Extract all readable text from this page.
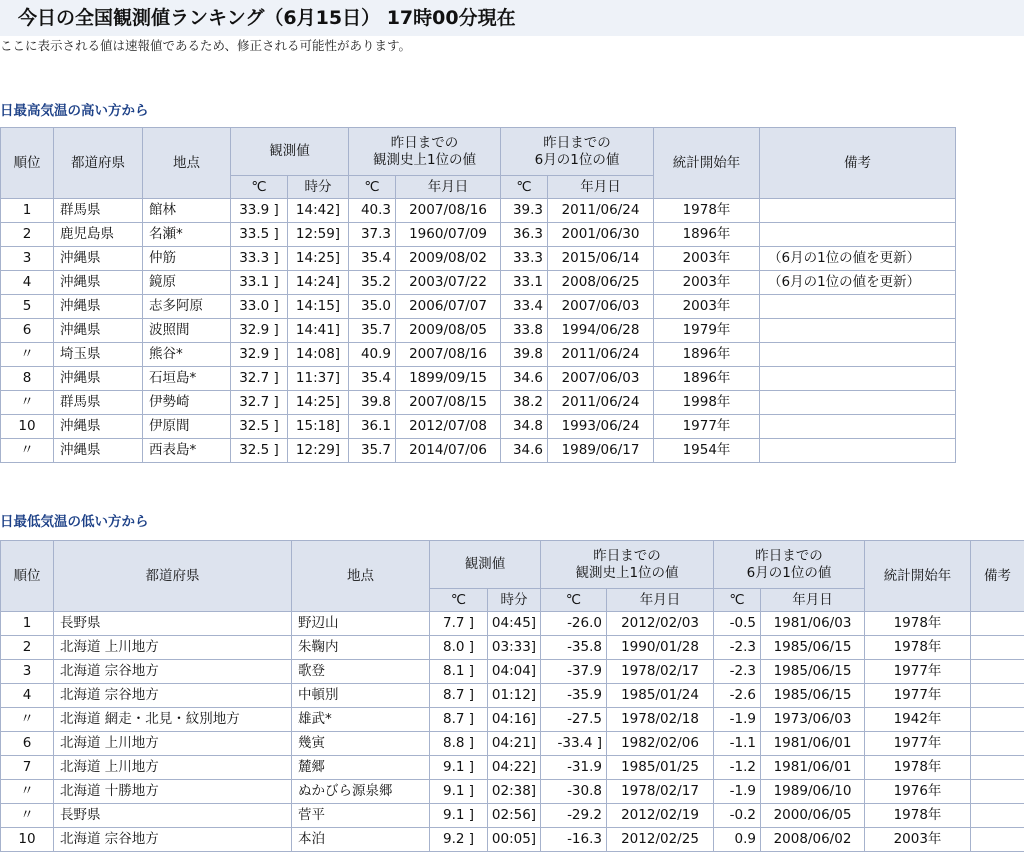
今日の全国観測値ランキング（6月15日） 17時00分現在
ここに表示される値は速報値であるため、修正される可能性があります。
日最高気温の高い方から
順位	都道府県	地点	観測値		昨日までの
観測史上1位の値		昨日までの
6月の1位の値		統計開始年	備考
			℃	時分	℃	年月日	℃	年月日		
1	群馬県	館林	33.9 ]	14:42]	40.3	2007/08/16	39.3	2011/06/24	1978年	
2	鹿児島県	名瀬*	33.5 ]	12:59]	37.3	1960/07/09	36.3	2001/06/30	1896年	
3	沖縄県	仲筋	33.3 ]	14:25]	35.4	2009/08/02	33.3	2015/06/14	2003年	（6月の1位の値を更新）
4	沖縄県	鏡原	33.1 ]	14:24]	35.2	2003/07/22	33.1	2008/06/25	2003年	（6月の1位の値を更新）
5	沖縄県	志多阿原	33.0 ]	14:15]	35.0	2006/07/07	33.4	2007/06/03	2003年	
6	沖縄県	波照間	32.9 ]	14:41]	35.7	2009/08/05	33.8	1994/06/28	1979年	
〃	埼玉県	熊谷*	32.9 ]	14:08]	40.9	2007/08/16	39.8	2011/06/24	1896年	
8	沖縄県	石垣島*	32.7 ]	11:37]	35.4	1899/09/15	34.6	2007/06/03	1896年	
〃	群馬県	伊勢崎	32.7 ]	14:25]	39.8	2007/08/15	38.2	2011/06/24	1998年	
10	沖縄県	伊原間	32.5 ]	15:18]	36.1	2012/07/08	34.8	1993/06/24	1977年	
〃	沖縄県	西表島*	32.5 ]	12:29]	35.7	2014/07/06	34.6	1989/06/17	1954年	
日最低気温の低い方から
順位	都道府県	地点	観測値		昨日までの
観測史上1位の値		昨日までの
6月の1位の値		統計開始年	備考
			℃	時分	℃	年月日	℃	年月日		
1	長野県	野辺山	7.7 ]	04:45]	-26.0	2012/02/03	-0.5	1981/06/03	1978年	
2	北海道 上川地方	朱鞠内	8.0 ]	03:33]	-35.8	1990/01/28	-2.3	1985/06/15	1978年	
3	北海道 宗谷地方	歌登	8.1 ]	04:04]	-37.9	1978/02/17	-2.3	1985/06/15	1977年	
4	北海道 宗谷地方	中頓別	8.7 ]	01:12]	-35.9	1985/01/24	-2.6	1985/06/15	1977年	
〃	北海道 網走・北見・紋別地方	雄武*	8.7 ]	04:16]	-27.5	1978/02/18	-1.9	1973/06/03	1942年	
6	北海道 上川地方	幾寅	8.8 ]	04:21]	-33.4 ]	1982/02/06	-1.1	1981/06/01	1977年	
7	北海道 上川地方	麓郷	9.1 ]	04:22]	-31.9	1985/01/25	-1.2	1981/06/01	1978年	
〃	北海道 十勝地方	ぬかびら源泉郷	9.1 ]	02:38]	-30.8	1978/02/17	-1.9	1989/06/10	1976年	
〃	長野県	菅平	9.1 ]	02:56]	-29.2	2012/02/19	-0.2	2000/06/05	1978年	
10	北海道 宗谷地方	本泊	9.2 ]	00:05]	-16.3	2012/02/25	0.9	2008/06/02	2003年	
